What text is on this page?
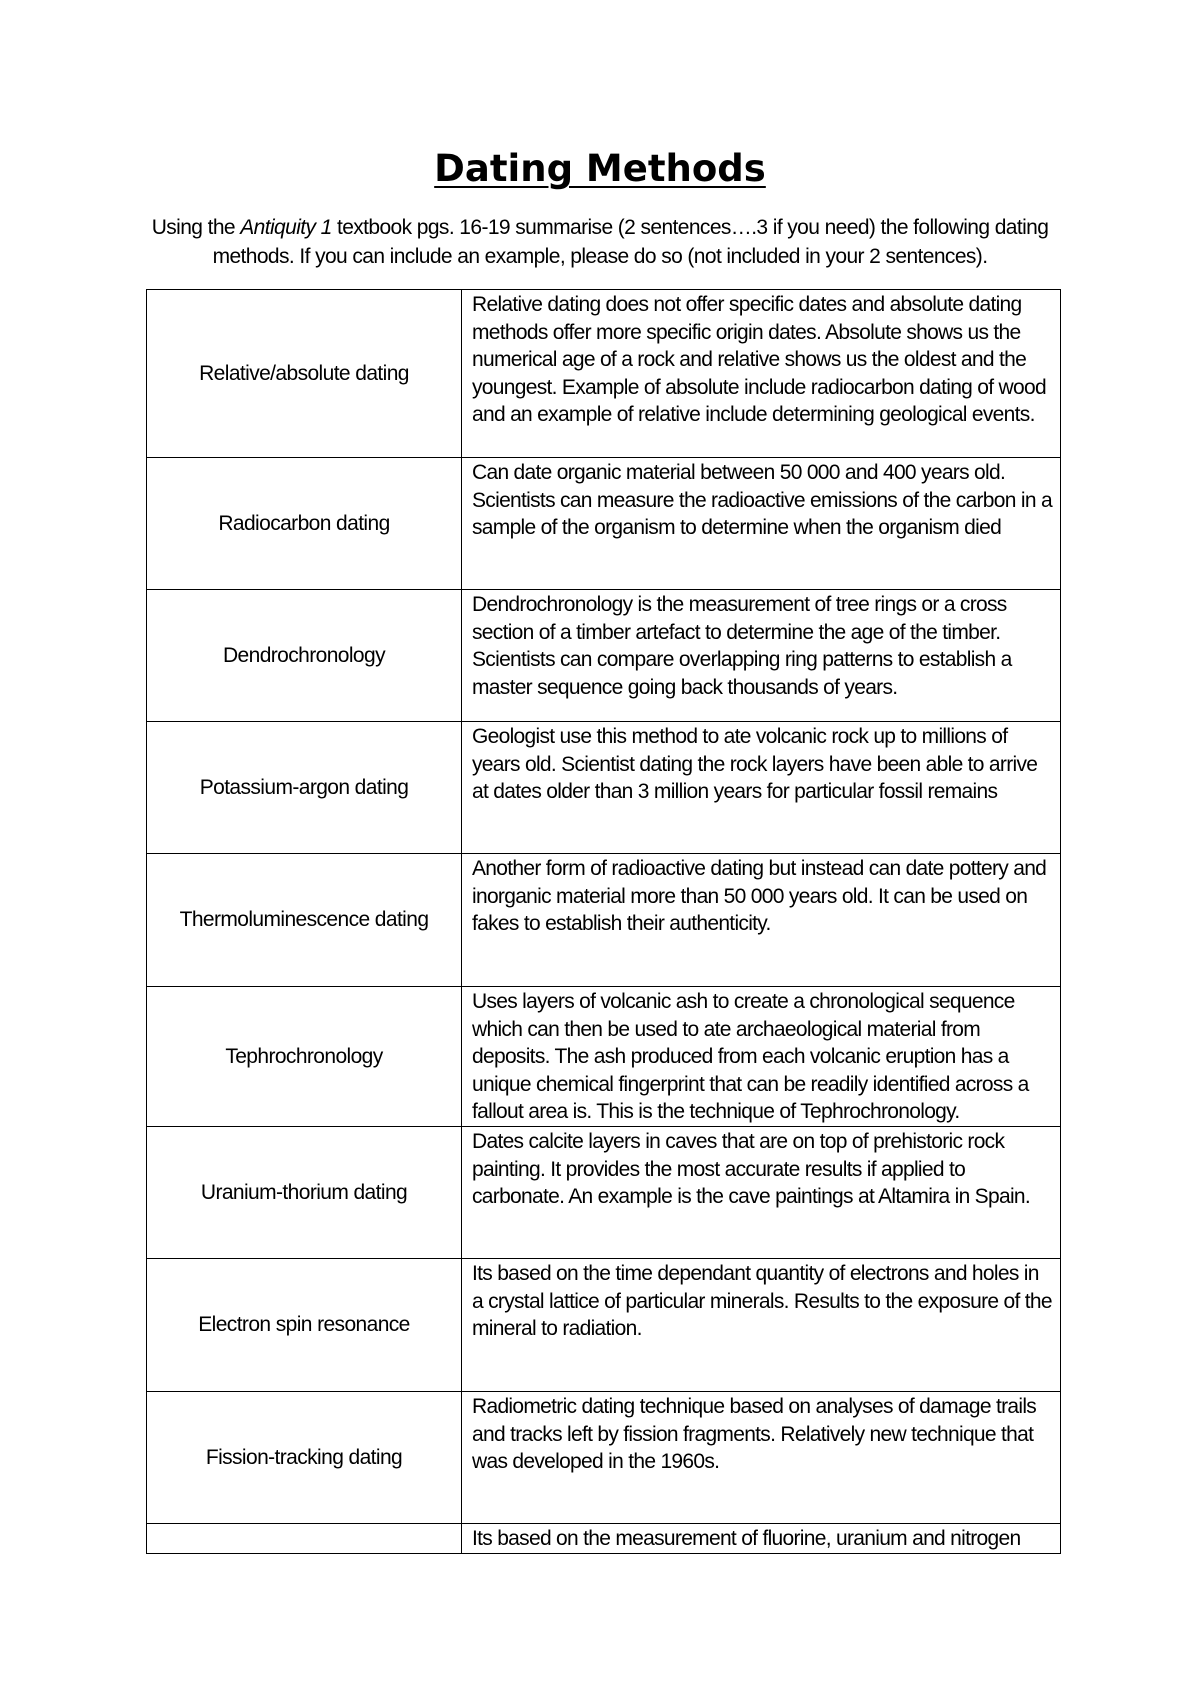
Dating Methods
Using the Antiquity 1 textbook pgs. 16-19 summarise (2 sentences….3 if you need) the following dating methods. If you can include an example, please do so (not included in your 2 sentences).
Relative/absolute dating	Relative dating does not offer specific dates and absolute dating methods offer more specific origin dates. Absolute shows us the numerical age of a rock and relative shows us the oldest and the youngest. Example of absolute include radiocarbon dating of wood and an example of relative include determining geological events.
Radiocarbon dating	Can date organic material between 50 000 and 400 years old. Scientists can measure the radioactive emissions of the carbon in a sample of the organism to determine when the organism died
Dendrochronology	Dendrochronology is the measurement of tree rings or a cross section of a timber artefact to determine the age of the timber. Scientists can compare overlapping ring patterns to establish a master sequence going back thousands of years.
Potassium-argon dating	Geologist use this method to ate volcanic rock up to millions of years old. Scientist dating the rock layers have been able to arrive at dates older than 3 million years for particular fossil remains
Thermoluminescence dating	Another form of radioactive dating but instead can date pottery and inorganic material more than 50 000 years old. It can be used on fakes to establish their authenticity.
Tephrochronology	Uses layers of volcanic ash to create a chronological sequence which can then be used to ate archaeological material from deposits. The ash produced from each volcanic eruption has a unique chemical fingerprint that can be readily identified across a fallout area is. This is the technique of Tephrochronology.
Uranium-thorium dating	Dates calcite layers in caves that are on top of prehistoric rock painting. It provides the most accurate results if applied to carbonate. An example is the cave paintings at Altamira in Spain.
Electron spin resonance	Its based on the time dependant quantity of electrons and holes in a crystal lattice of particular minerals. Results to the exposure of the mineral to radiation.
Fission-tracking dating	Radiometric dating technique based on analyses of damage trails and tracks left by fission fragments. Relatively new technique that was developed in the 1960s.
	Its based on the measurement of fluorine, uranium and nitrogen
